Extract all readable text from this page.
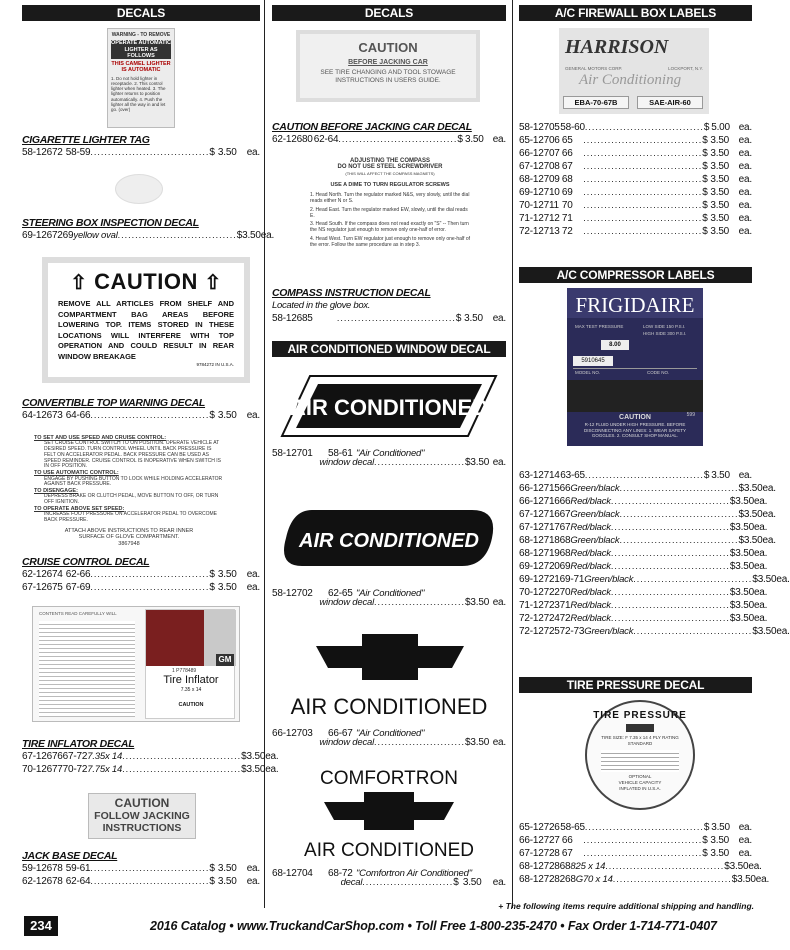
DECALS
WARNING - TO REMOVE
OPERATE AUTOMATIC LIGHTER AS FOLLOWS
THIS CAMEL LIGHTER IS AUTOMATIC
1. Do not hold lighter in receptacle. 2. This control lighter when heated. 3. The lighter returns to position automatically. 4. Push the lighter all the way in and let go. (over)
CIGARETTE LIGHTER TAG
58-12672 58-59 .................................. $ 3.50	ea.
STEERING BOX INSPECTION DECAL
69-12672 69 yellow oval .................................. $ 3.50 ea.
⇧ CAUTION ⇧
REMOVE ALL ARTICLES FROM SHELF AND COMPARTMENT BAG AREAS BEFORE LOWERING TOP. ITEMS STORED IN THESE LOCATIONS WILL INTERFERE WITH TOP OPERATION AND COULD RESULT IN REAR WINDOW BREAKAGE
9784272 IN U.S.A.
CONVERTIBLE TOP WARNING DECAL
64-12673 64-66 .................................. $ 3.50	ea.
TO SET AND USE SPEED AND CRUISE CONTROL:
SET CRUISE CONTROL SWITCH TO ON POSITION. OPERATE VEHICLE AT DESIRED SPEED. TURN CONTROL WHEEL UNTIL BACK PRESSURE IS FELT ON ACCELERATOR PEDAL. BACK PRESSURE CAN BE USED AS SPEED REMINDER. CRUISE CONTROL IS INOPERATIVE WHEN SWITCH IS IN OFF POSITION.
TO USE AUTOMATIC CONTROL:
ENGAGE BY PUSHING BUTTON TO LOCK WHILE HOLDING ACCELERATOR AGAINST BACK PRESSURE.
TO DISENGAGE:
DEPRESS BRAKE OR CLUTCH PEDAL, MOVE BUTTON TO OFF, OR TURN OFF IGNITION.
TO OPERATE ABOVE SET SPEED:
INCREASE FOOT PRESSURE ON ACCELERATOR PEDAL TO OVERCOME BACK PRESSURE.
ATTACH ABOVE INSTRUCTIONS TO REAR INNER SURFACE OF GLOVE COMPARTMENT.
3867948
CRUISE CONTROL DECAL
62-12674 62-66 .................................. $ 3.50	ea.
67-12675 67-69 .................................. $ 3.50	ea.
CONTENTS READ CAREFULLY WILL
GM
1 P778489
Tire Inflator
7.35 x 14
CAUTION
TIRE INFLATOR DECAL
67-12676 67-72 7.35x 14 .................................. $ 3.50 ea.
70-12677 70-72 7.75x 14 .................................. $ 3.50 ea.
CAUTION
FOLLOW JACKING
INSTRUCTIONS
JACK BASE DECAL
59-12678 59-61 .................................. $ 3.50	ea.
62-12678 62-64 .................................. $ 3.50	ea.
DECALS
CAUTION
BEFORE JACKING CAR
SEE TIRE CHANGING AND TOOL STOWAGE INSTRUCTIONS IN USERS GUIDE.
CAUTION BEFORE JACKING CAR DECAL
62-12680 62-64 .................................. $ 3.50 ea.
ADJUSTING THE COMPASS
DO NOT USE STEEL SCREWDRIVER
(THIS WILL AFFECT THE COMPASS MAGNETS)
USE A DIME TO TURN REGULATOR SCREWS
1. Head North. Turn the regulator marked N&S, very slowly, until the dial reads either N or S.
2. Head East. Turn the regulator marked EW, slowly, until the dial reads E.
3. Head South. If the compass does not read exactly on "S" -- Then turn the NS regulator just enough to remove only one-half of error.
4. Head West. Turn EW regulator just enough to remove only one-half of the error. Follow the same procedure as in step 3.
COMPASS INSTRUCTION DECAL
Located in the glove box.
58-12685	.................................. $ 3.50 ea.
AIR CONDITIONED WINDOW DECAL
AIR CONDITIONED
58-12701	58-61 "Air Conditioned"
window decal .......................... $ 3.50 ea.
AIR CONDITIONED
58-12702	62-65 "Air Conditioned"
window decal .......................... $ 3.50 ea.
AIR CONDITIONED
66-12703	66-67 "Air Conditioned"
window decal .......................... $ 3.50 ea.
COMFORTRON
AIR CONDITIONED
68-12704	68-72 "Comfortron Air Conditioned"
decal .......................... $ 3.50	ea.
A/C FIREWALL BOX LABELS
HARRISON
GENERAL MOTORS CORP.	LOCKPORT, N.Y.
Air Conditioning
EBA-70-67B	SAE-AIR-60
58-12705 58-60 .................................. $ 5.00 ea.
65-12706 65	.................................. $ 3.50 ea.
66-12707 66	.................................. $ 3.50 ea.
67-12708 67	.................................. $ 3.50 ea.
68-12709 68	.................................. $ 3.50 ea.
69-12710 69	.................................. $ 3.50 ea.
70-12711 70	.................................. $ 3.50 ea.
71-12712 71	.................................. $ 3.50 ea.
72-12713 72	.................................. $ 3.50 ea.
A/C COMPRESSOR LABELS
FRIGIDAIRE
MAX TEST PRESSURE	LOW SIDE 150 P.S.I.
HIGH SIDE 300 P.S.I.
8.00
5910645
MODEL NO.	CODE NO.
599
CAUTION
R-12 FLUID UNDER HIGH PRESSURE. BEFORE DISCONNECTING ANY LINES: 1. WEAR SAFETY GOGGLES. 2. CONSULT SHOP MANUAL.
63-12714 63-65 .................................. $ 3.50 ea.
66-12715 66 Green/black .................................. $ 3.50 ea.
66-12716 66 Red/black .................................. $ 3.50 ea.
67-12716 67 Green/black .................................. $ 3.50 ea.
67-12717 67 Red/black .................................. $ 3.50 ea.
68-12718 68 Green/black .................................. $ 3.50 ea.
68-12719 68 Red/black .................................. $ 3.50 ea.
69-12720 69 Red/black .................................. $ 3.50 ea.
69-12721 69-71 Green/black .................................. $ 3.50 ea.
70-12722 70 Red/black .................................. $ 3.50 ea.
71-12723 71 Red/black .................................. $ 3.50 ea.
72-12724 72 Red/black .................................. $ 3.50 ea.
72-12725 72-73 Green/black .................................. $ 3.50 ea.
TIRE PRESSURE DECAL
TIRE PRESSURE
TIRE SIZE: F 7.35 x 14 4 PLY RATING
STANDARD
OPTIONAL
VEHICLE CAPACITY
INFLATED IN U.S.A.
65-12726 58-65 .................................. $ 3.50 ea.
66-12727 66	.................................. $ 3.50 ea.
67-12728 67	.................................. $ 3.50 ea.
68-12728 68 825 x 14 .................................. $ 3.50 ea.
68-127282 68 G70 x 14 .................................. $ 3.50 ea.
+ The following items require additional shipping and handling.
234	2016 Catalog • www.TruckandCarShop.com • Toll Free 1-800-235-2470 • Fax Order 1-714-771-0407
